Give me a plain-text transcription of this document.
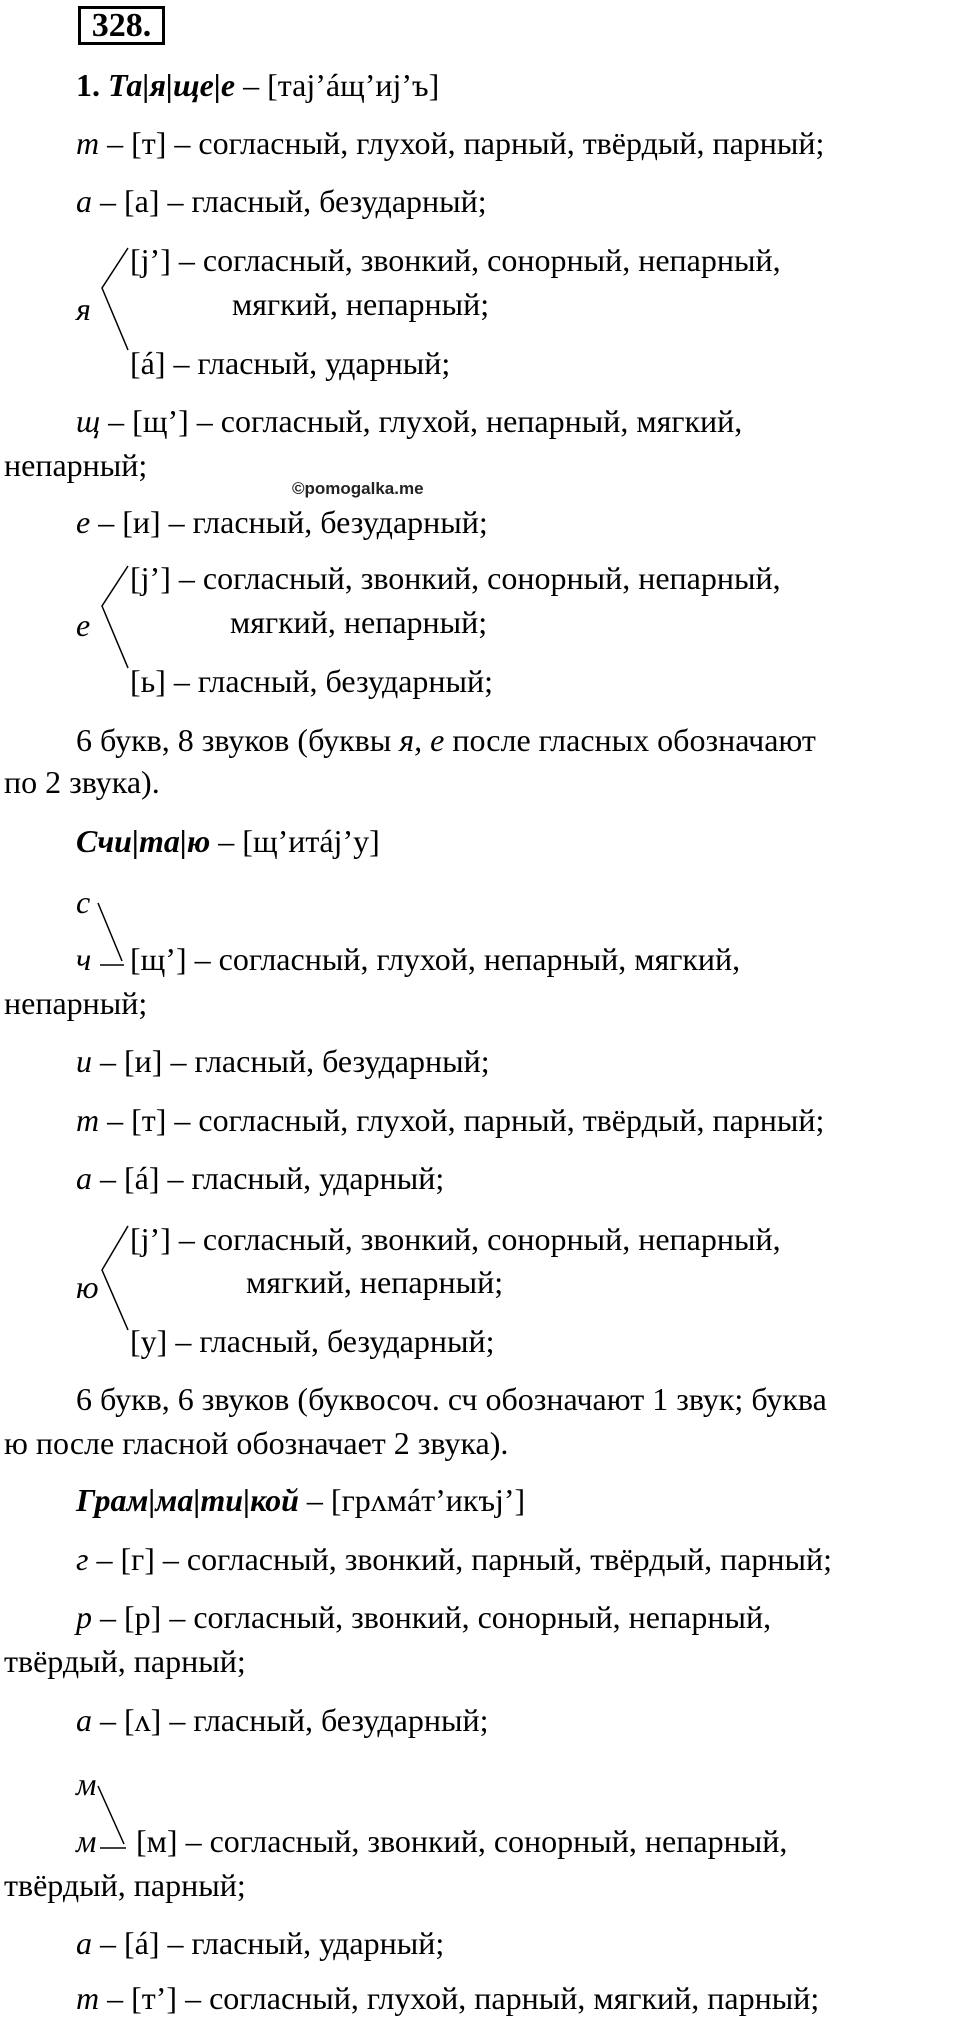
328.
©pomogalka.me
1. Та|я|ще|е – [таj’áщ’иj’ъ]
т – [т] – согласный, глухой, парный, твёрдый, парный;
а – [а] – гласный, безударный;
[j’] – согласный, звонкий, сонорный, непарный,
мягкий, непарный;
[á] – гласный, ударный;
щ – [щ’] – согласный, глухой, непарный, мягкий,
непарный;
е – [и] – гласный, безударный;
[j’] – согласный, звонкий, сонорный, непарный,
мягкий, непарный;
[ь] – гласный, безударный;
6 букв, 8 звуков (буквы я, е после гласных обозначают
по 2 звука).
Счи|та|ю – [щ’итáj’у]
с
ч [щ’] – согласный, глухой, непарный, мягкий,
непарный;
и – [и] – гласный, безударный;
т – [т] – согласный, глухой, парный, твёрдый, парный;
а – [á] – гласный, ударный;
[j’] – согласный, звонкий, сонорный, непарный,
мягкий, непарный;
[у] – гласный, безударный;
6 букв, 6 звуков (буквосоч. сч обозначают 1 звук; буква
ю после гласной обозначает 2 звука).
Грам|ма|ти|кой – [грʌмáт’икъj’]
г – [г] – согласный, звонкий, парный, твёрдый, парный;
р – [р] – согласный, звонкий, сонорный, непарный,
твёрдый, парный;
а – [ʌ] – гласный, безударный;
м
м [м] – согласный, звонкий, сонорный, непарный,
твёрдый, парный;
а – [á] – гласный, ударный;
т – [т’] – согласный, глухой, парный, мягкий, парный;
я
е
ю
